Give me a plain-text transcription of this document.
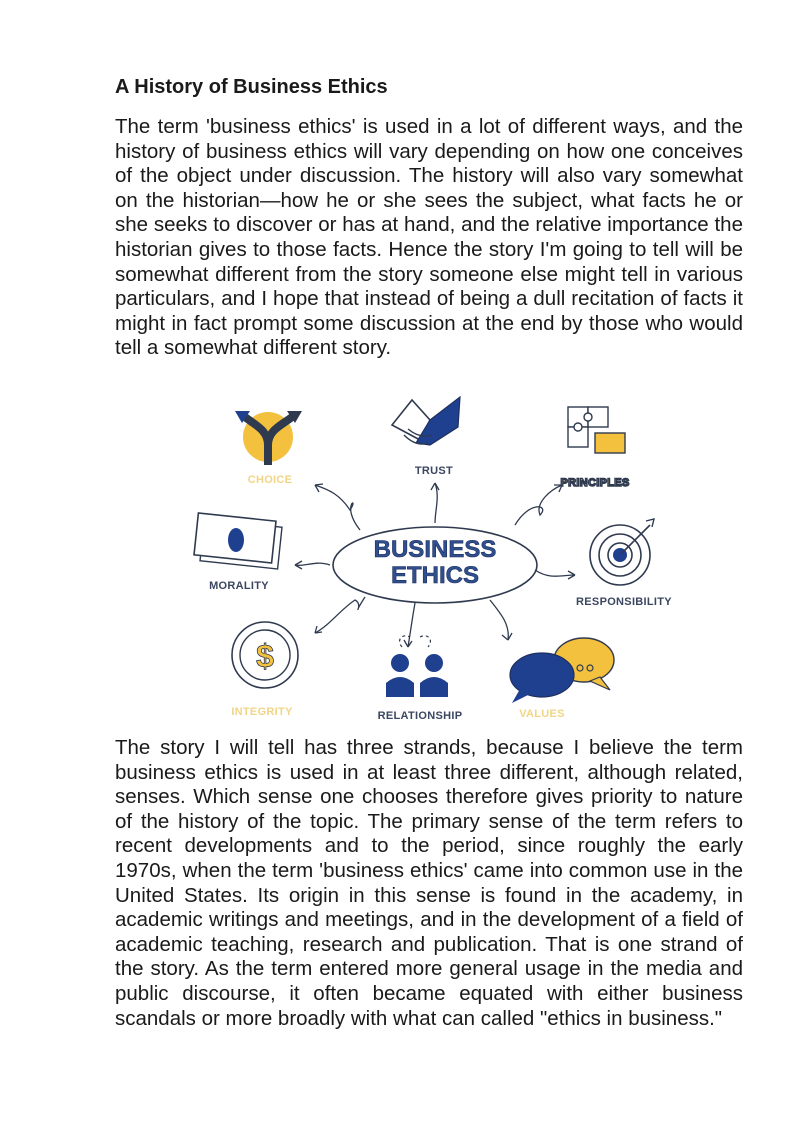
A History of Business Ethics

The term 'business ethics' is used in a lot of different ways, and the history of business ethics will vary depending on how one conceives of the object under discussion. The history will also vary somewhat on the historian—how he or she sees the subject, what facts he or she seeks to discover or has at hand, and the relative importance the historian gives to those facts. Hence the story I'm going to tell will be somewhat different from the story someone else might tell in various particulars, and I hope that instead of being a dull recitation of facts it might in fact prompt some discussion at the end by those who would tell a somewhat different story.

BUSINESS
ETHICS
CHOICE
TRUST
PRINCIPLES
MORALITY
RESPONSIBILITY
$
INTEGRITY	RELATIONSHIP	VALUES

The story I will tell has three strands, because I believe the term business ethics is used in at least three different, although related, senses. Which sense one chooses therefore gives priority to nature of the history of the topic. The primary sense of the term refers to recent developments and to the period, since roughly the early 1970s, when the term 'business ethics' came into common use in the United States. Its origin in this sense is found in the academy, in academic writings and meetings, and in the development of a field of academic teaching, research and publication. That is one strand of the story. As the term entered more general usage in the media and public discourse, it often became equated with either business scandals or more broadly with what can called "ethics in business."
